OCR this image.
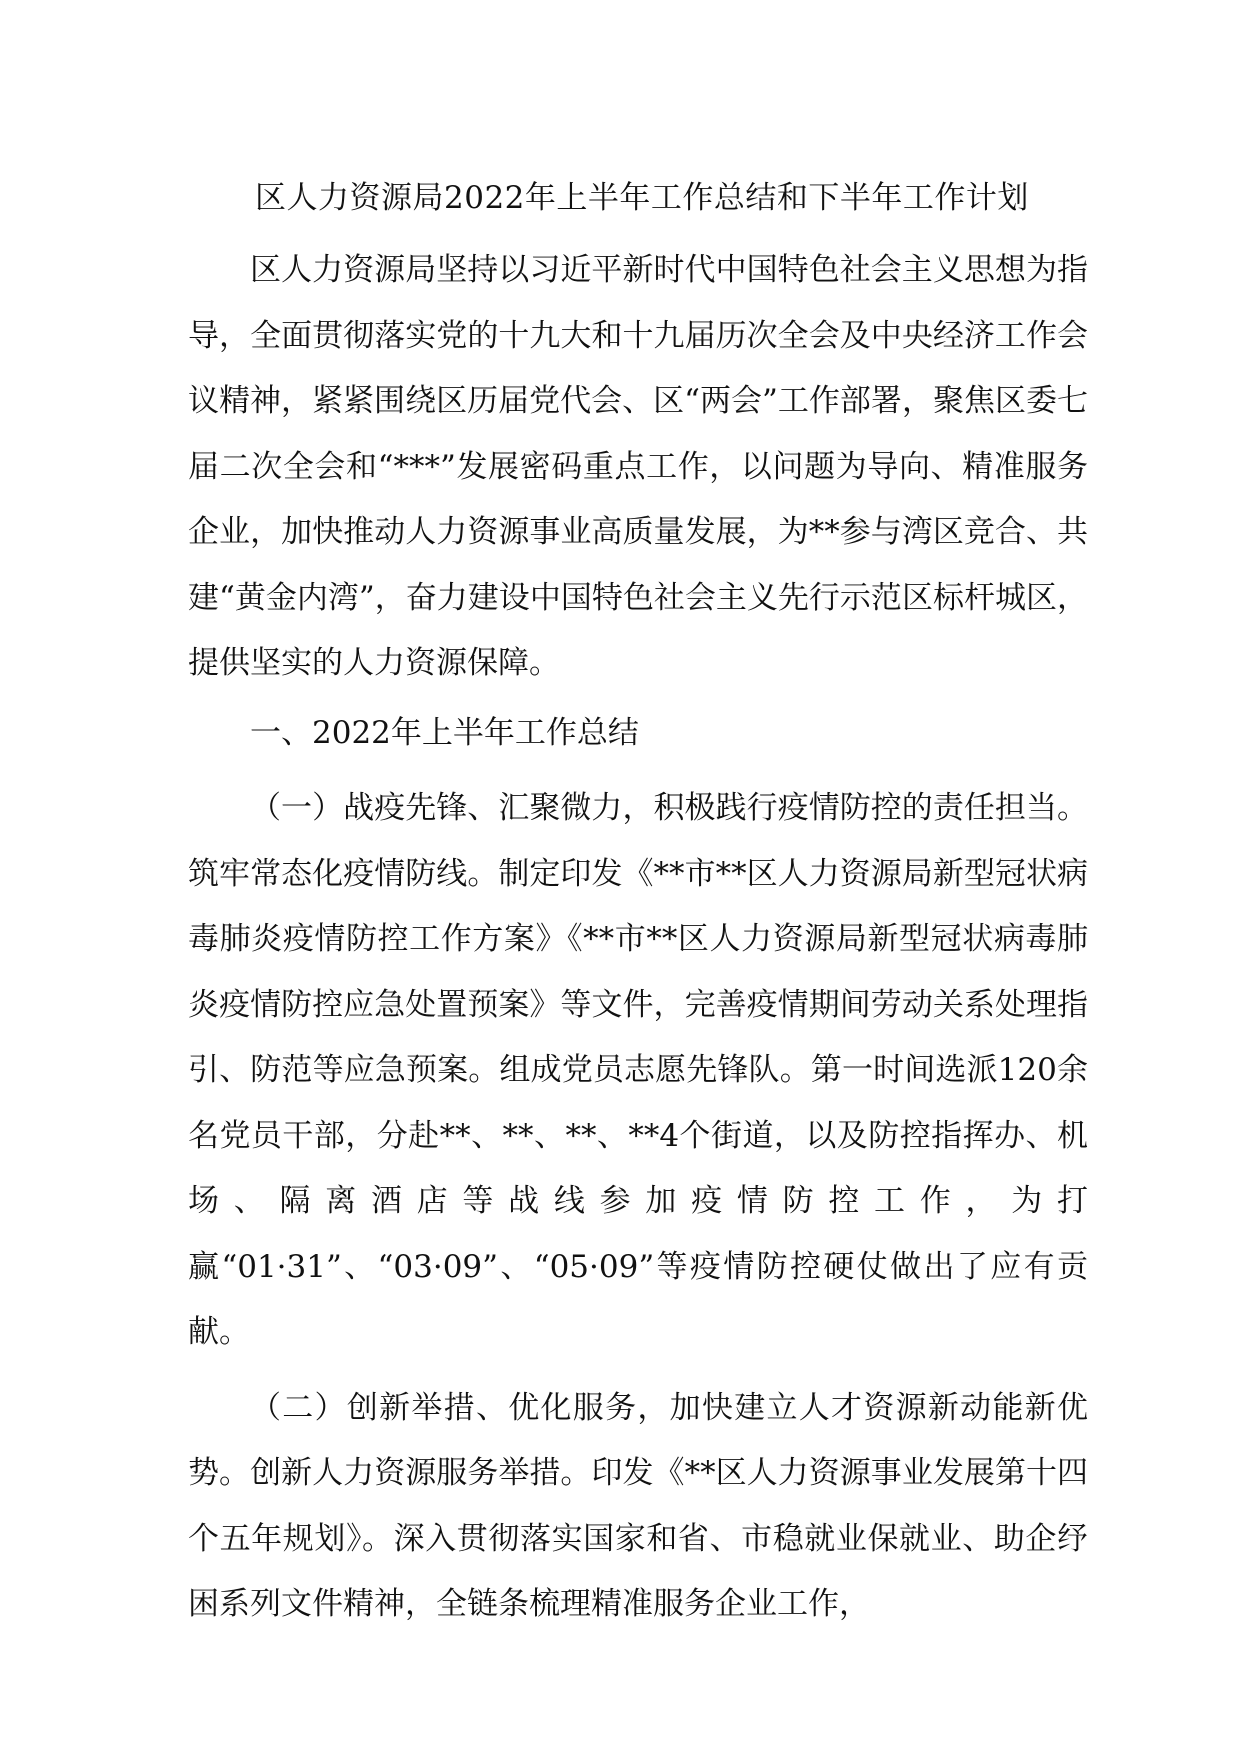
区人力资源局2022年上半年工作总结和下半年工作计划

区人力资源局坚持以习近平新时代中国特色社会主义思想为指导，全面贯彻落实党的十九大和十九届历次全会及中央经济工作会议精神，紧紧围绕区历届党代会、区“两会”工作部署，聚焦区委七届二次全会和“***”发展密码重点工作，以问题为导向、精准服务企业，加快推动人力资源事业高质量发展，为**参与湾区竞合、共建“黄金内湾”，奋力建设中国特色社会主义先行示范区标杆城区，提供坚实的人力资源保障。

一、2022年上半年工作总结

（一）战疫先锋、汇聚微力，积极践行疫情防控的责任担当。筑牢常态化疫情防线。制定印发《**市**区人力资源局新型冠状病毒肺炎疫情防控工作方案》《**市**区人力资源局新型冠状病毒肺炎疫情防控应急处置预案》等文件，完善疫情期间劳动关系处理指引、防范等应急预案。组成党员志愿先锋队。第一时间选派120余名党员干部，分赴**、**、**、**4个街道，以及防控指挥办、机场、隔离酒店等战线参加疫情防控工作，为打赢“01·31”、“03·09”、“05·09”等疫情防控硬仗做出了应有贡献。

（二）创新举措、优化服务，加快建立人才资源新动能新优势。创新人力资源服务举措。印发《**区人力资源事业发展第十四个五年规划》。深入贯彻落实国家和省、市稳就业保就业、助企纾困系列文件精神，全链条梳理精准服务企业工作，
